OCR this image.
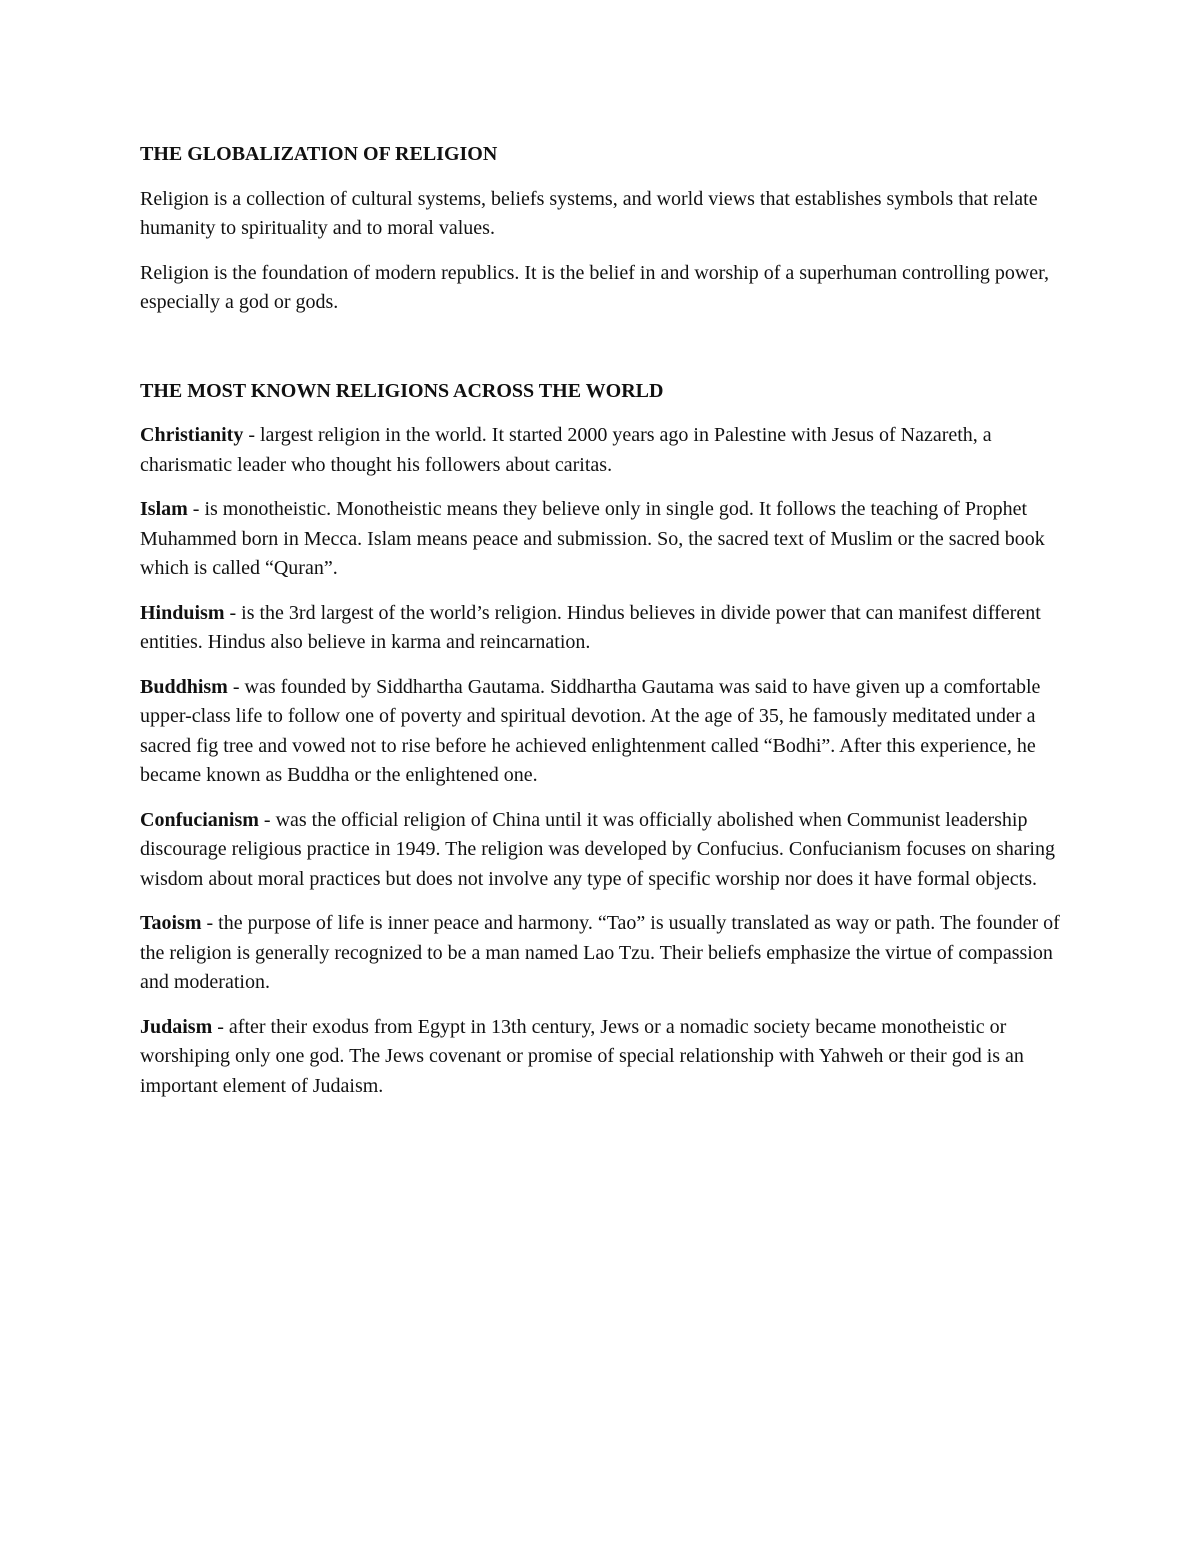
THE GLOBALIZATION OF RELIGION

Religion is a collection of cultural systems, beliefs systems, and world views that establishes symbols that relate humanity to spirituality and to moral values.

Religion is the foundation of modern republics. It is the belief in and worship of a superhuman controlling power, especially a god or gods.

THE MOST KNOWN RELIGIONS ACROSS THE WORLD

Christianity - largest religion in the world. It started 2000 years ago in Palestine with Jesus of Nazareth, a charismatic leader who thought his followers about caritas.

Islam - is monotheistic. Monotheistic means they believe only in single god. It follows the teaching of Prophet Muhammed born in Mecca. Islam means peace and submission. So, the sacred text of Muslim or the sacred book which is called “Quran”.

Hinduism - is the 3rd largest of the world’s religion. Hindus believes in divide power that can manifest different entities. Hindus also believe in karma and reincarnation.

Buddhism - was founded by Siddhartha Gautama. Siddhartha Gautama was said to have given up a comfortable upper-class life to follow one of poverty and spiritual devotion. At the age of 35, he famously meditated under a sacred fig tree and vowed not to rise before he achieved enlightenment called “Bodhi”. After this experience, he became known as Buddha or the enlightened one.

Confucianism - was the official religion of China until it was officially abolished when Communist leadership discourage religious practice in 1949. The religion was developed by Confucius. Confucianism focuses on sharing wisdom about moral practices but does not involve any type of specific worship nor does it have formal objects.

Taoism - the purpose of life is inner peace and harmony. “Tao” is usually translated as way or path. The founder of the religion is generally recognized to be a man named Lao Tzu. Their beliefs emphasize the virtue of compassion and moderation.

Judaism - after their exodus from Egypt in 13th century, Jews or a nomadic society became monotheistic or worshiping only one god. The Jews covenant or promise of special relationship with Yahweh or their god is an important element of Judaism.
